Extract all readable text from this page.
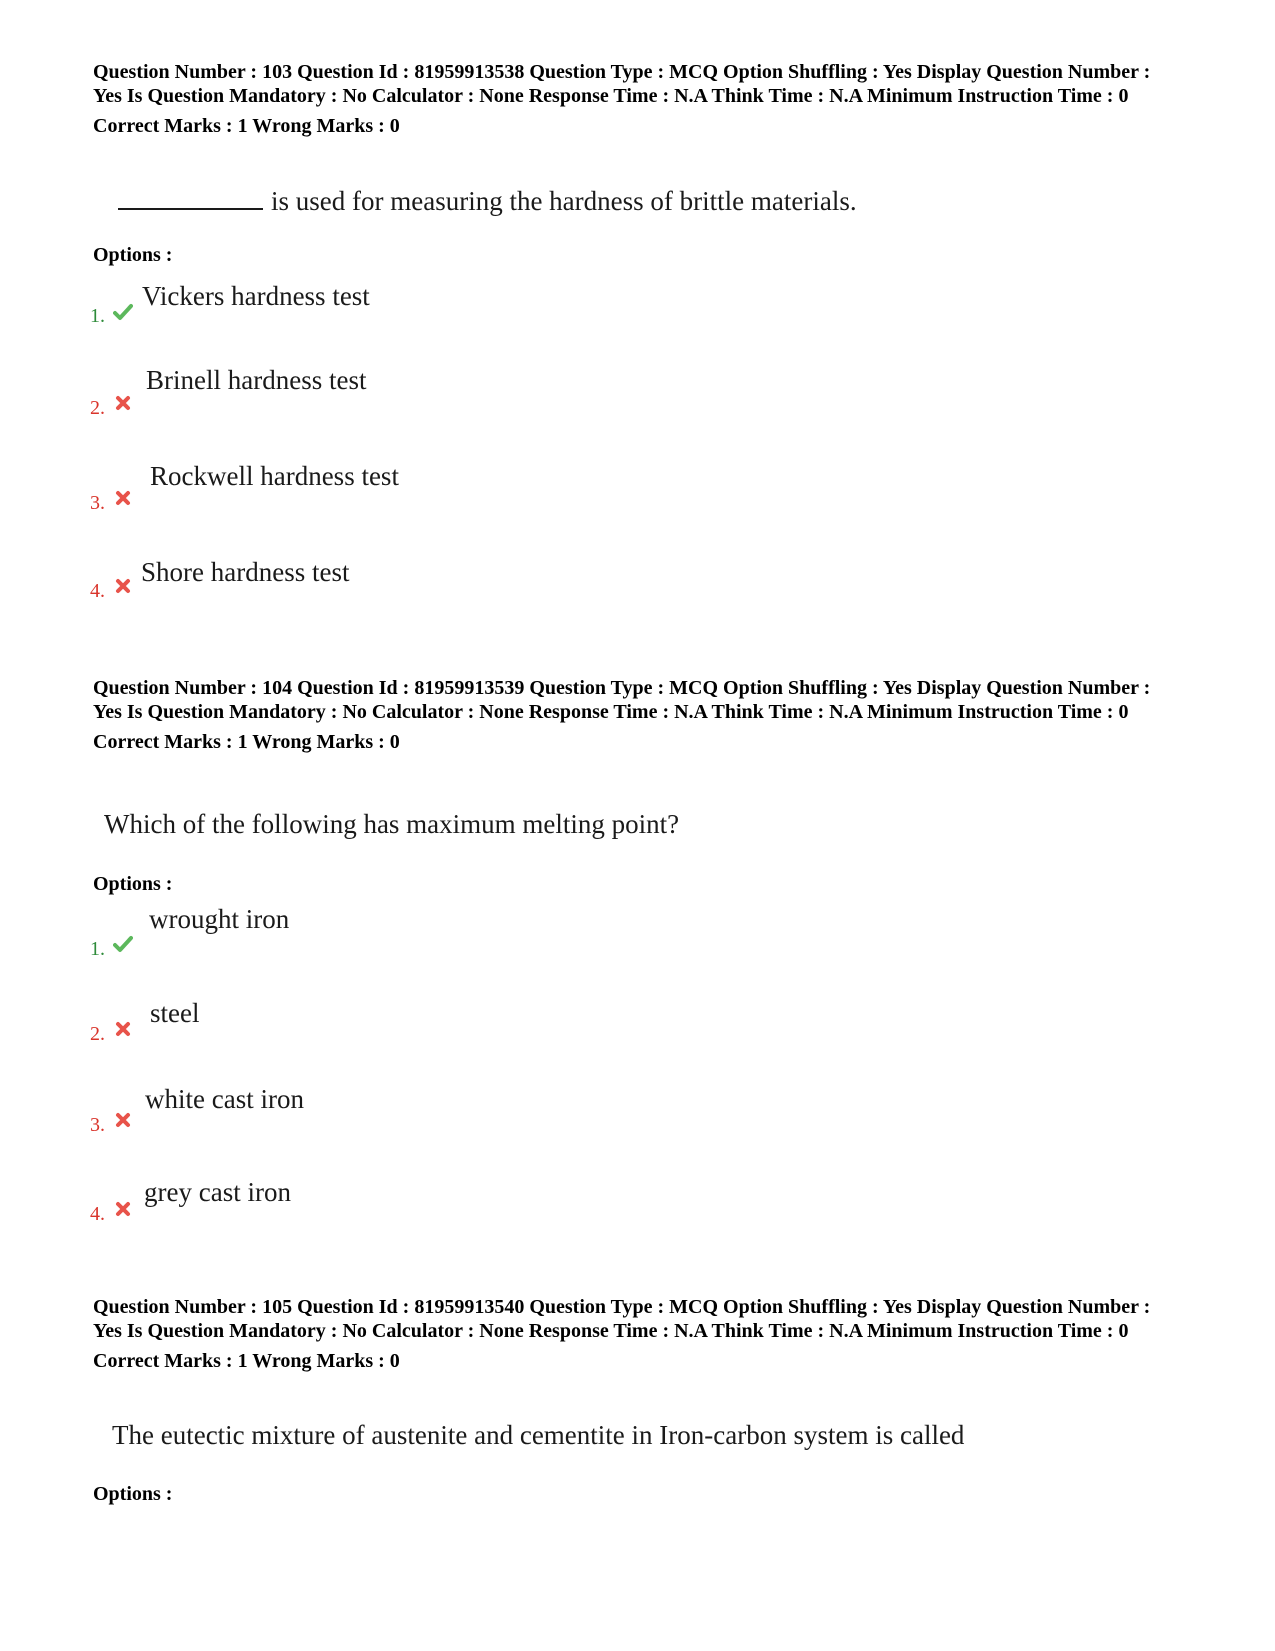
Question Number : 103 Question Id : 81959913538 Question Type : MCQ Option Shuffling : Yes Display Question Number : Yes Is Question Mandatory : No Calculator : None Response Time : N.A Think Time : N.A Minimum Instruction Time : 0

Correct Marks : 1 Wrong Marks : 0
is used for measuring the hardness of brittle materials.
Options :
1.
Vickers hardness test
2.
Brinell hardness test
3.
Rockwell hardness test
4.
Shore hardness test

Question Number : 104 Question Id : 81959913539 Question Type : MCQ Option Shuffling : Yes Display Question Number : Yes Is Question Mandatory : No Calculator : None Response Time : N.A Think Time : N.A Minimum Instruction Time : 0

Correct Marks : 1 Wrong Marks : 0
Which of the following has maximum melting point?
Options :
1.
wrought iron
2.
steel
3.
white cast iron
4.
grey cast iron

Question Number : 105 Question Id : 81959913540 Question Type : MCQ Option Shuffling : Yes Display Question Number : Yes Is Question Mandatory : No Calculator : None Response Time : N.A Think Time : N.A Minimum Instruction Time : 0

Correct Marks : 1 Wrong Marks : 0
The eutectic mixture of austenite and cementite in Iron-carbon system is called
Options :
